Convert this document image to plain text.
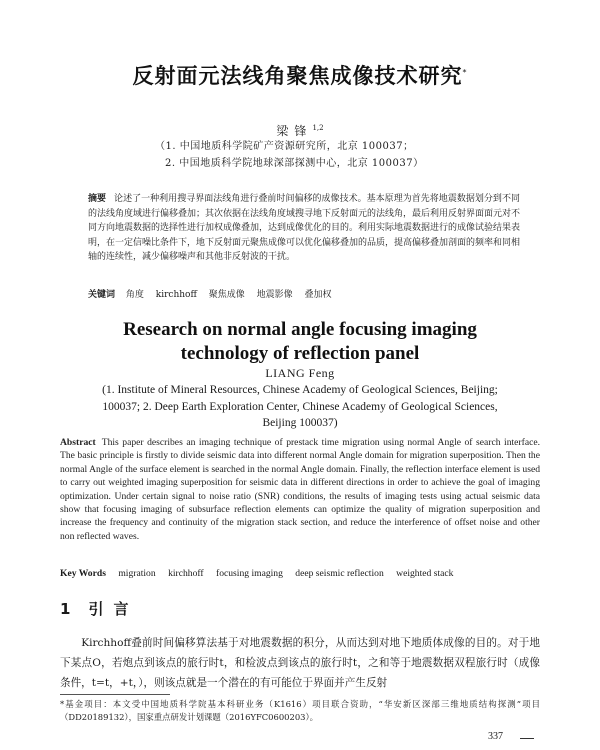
反射面元法线角聚焦成像技术研究*
梁锋$^{1,2}$
（1. 中国地质科学院矿产资源研究所，北京 100037；
2. 中国地质科学院地球深部探测中心，北京 100037）
摘要 论述了一种利用搜寻界面法线角进行叠前时间偏移的成像技术。基本原理为首先将地震数据划分到不同的法线角度域进行偏移叠加；其次依据在法线角度域搜寻地下反射面元的法线角，最后利用反射界面面元对不同方向地震数据的选择性进行加权成像叠加，达到成像优化的目的。利用实际地震数据进行的成像试验结果表明，在一定信噪比条件下，地下反射面元聚焦成像可以优化偏移叠加的品质，提高偏移叠加剖面的频率和同相轴的连续性，减少偏移噪声和其他非反射波的干扰。
关键词 角度 kirchhoff 聚焦成像 地震影像 叠加权
Research on normal angle focusing imaging
technology of reflection panel
LIANG Feng
(1. Institute of Mineral Resources, Chinese Academy of Geological Sciences, Beijing; 100037; 2. Deep Earth Exploration Center, Chinese Academy of Geological Sciences, Beijing 100037)
Abstract This paper describes an imaging technique of prestack time migration using normal Angle of search interface. The basic principle is firstly to divide seismic data into different normal Angle domain for migration superposition. Then the normal Angle of the surface element is searched in the normal Angle domain. Finally, the reflection interface element is used to carry out weighted imaging superposition for seismic data in different directions in order to achieve the goal of imaging optimization. Under certain signal to noise ratio (SNR) conditions, the results of imaging tests using actual seismic data show that focusing imaging of subsurface reflection elements can optimize the quality of migration superposition and increase the frequency and continuity of the migration stack section, and reduce the interference of offset noise and other non reflected waves.
Key Words migration kirchhoff focusing imaging deep seismic reflection weighted stack
1 引言
Kirchhoff叠前时间偏移算法基于对地震数据的积分，从而达到对地下地质体成像的目的。对于地下某点O，若炮点到该点的旅行时t，和检波点到该点的旅行时t，之和等于地震数据双程旅行时（成像条件，t=t，+t，），则该点就是一个潜在的有可能位于界面并产生反射
*基金项目：本文受中国地质科学院基本科研业务（K1616）项目联合资助，“华安新区深部三维地质结构探测”项目（DD20189132），国家重点研发计划课题（2016YFC0600203）。
337
